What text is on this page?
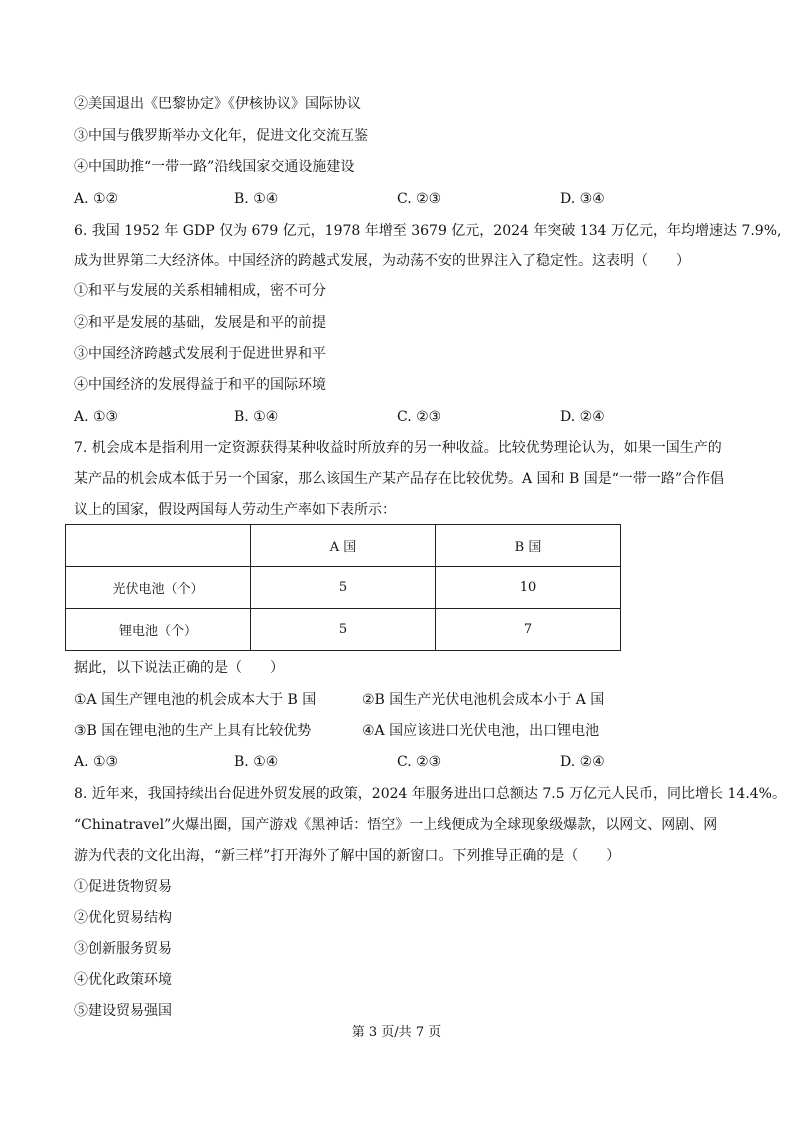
②美国退出《巴黎协定》《伊核协议》国际协议
③中国与俄罗斯举办文化年，促进文化交流互鉴
④中国助推“一带一路”沿线国家交通设施建设
A. ①②	B. ①④	C. ②③	D. ③④
6. 我国 1952 年 GDP 仅为 679 亿元，1978 年增至 3679 亿元，2024 年突破 134 万亿元，年均增速达 7.9%,
成为世界第二大经济体。中国经济的跨越式发展，为动荡不安的世界注入了稳定性。这表明（　　）
①和平与发展的关系相辅相成，密不可分
②和平是发展的基础，发展是和平的前提
③中国经济跨越式发展利于促进世界和平
④中国经济的发展得益于和平的国际环境
A. ①③	B. ①④	C. ②③	D. ②④
7. 机会成本是指利用一定资源获得某种收益时所放弃的另一种收益。比较优势理论认为，如果一国生产的
某产品的机会成本低于另一个国家，那么该国生产某产品存在比较优势。A 国和 B 国是“一带一路”合作倡
议上的国家，假设两国每人劳动生产率如下表所示：
	A 国	B 国
光伏电池（个）	5	10
锂电池（个）	5	7
据此，以下说法正确的是（　　）
①A 国生产锂电池的机会成本大于 B 国	②B 国生产光伏电池机会成本小于 A 国
③B 国在锂电池的生产上具有比较优势	④A 国应该进口光伏电池，出口锂电池
A. ①③	B. ①④	C. ②③	D. ②④
8. 近年来，我国持续出台促进外贸发展的政策，2024 年服务进出口总额达 7.5 万亿元人民币，同比增长 14.4%。
“Chinatravel”火爆出圈，国产游戏《黑神话：悟空》一上线便成为全球现象级爆款，以网文、网剧、网
游为代表的文化出海，“新三样”打开海外了解中国的新窗口。下列推导正确的是（　　）
①促进货物贸易
②优化贸易结构
③创新服务贸易
④优化政策环境
⑤建设贸易强国
第 3 页/共 7 页
